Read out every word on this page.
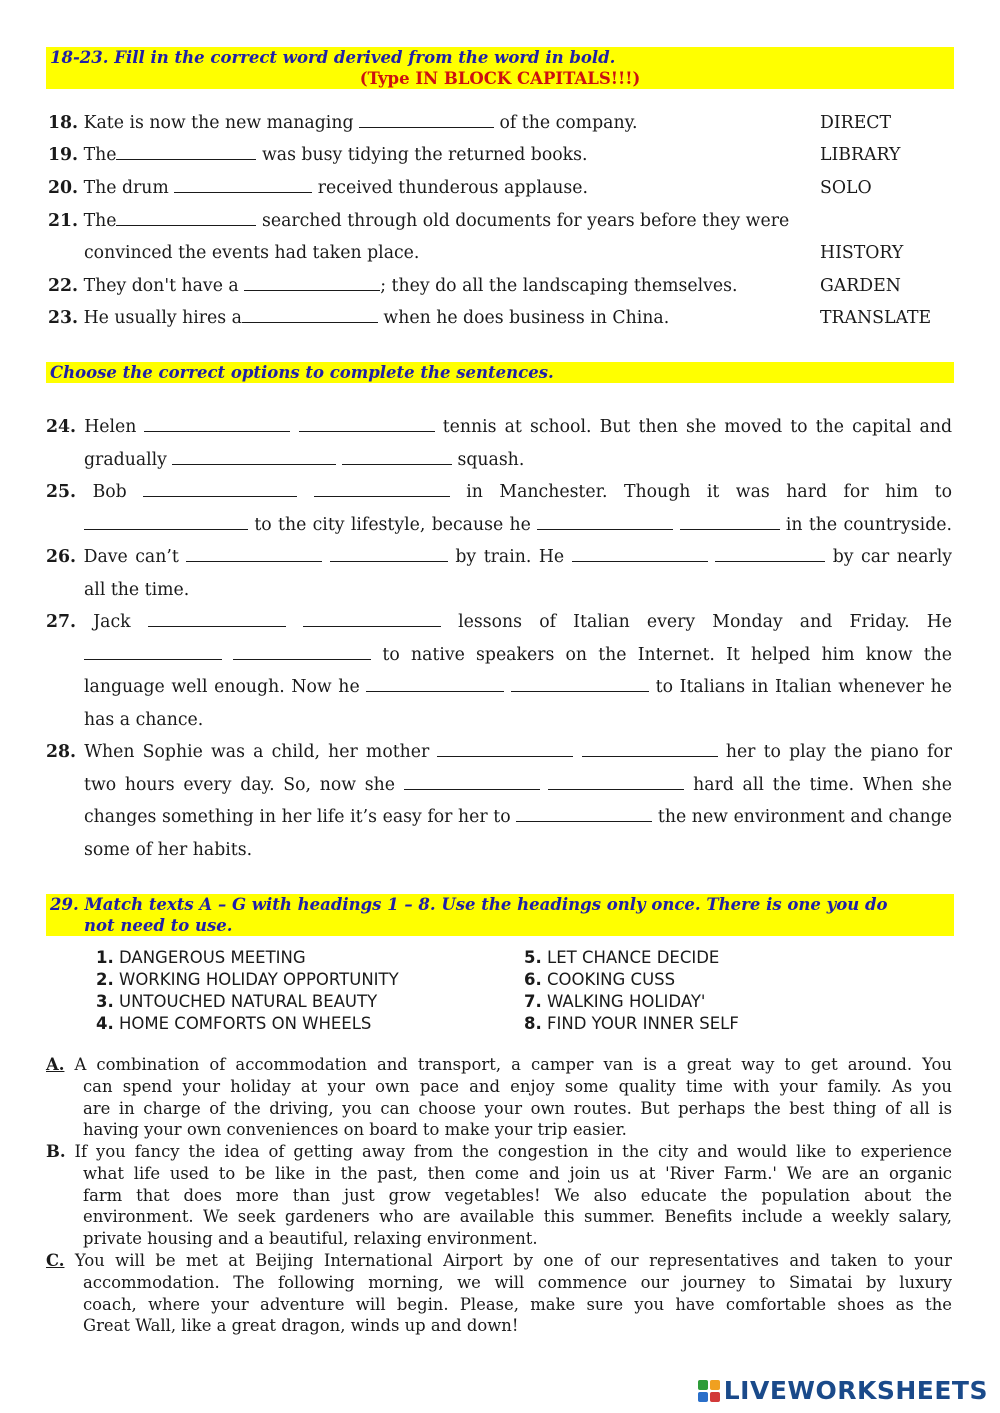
18-23. Fill in the correct word derived from the word in bold.
(Type IN BLOCK CAPITALS!!!)
18. Kate is now the new managing	of the company.	DIRECT
19. The	was busy tidying the returned books.	LIBRARY
20. The drum	received thunderous applause.	SOLO
21. The	searched through old documents for years before they were
convinced the events had taken place.	HISTORY
22. They don't have a	; they do all the landscaping themselves.	GARDEN
23. He usually hires a	when he does business in China.	TRANSLATE
Choose the correct options to complete the sentences.
24. Helen	tennis at school. But then she moved to the capital and
gradually	squash.
25. Bob	in Manchester. Though it was hard for him to
to the city lifestyle, because he	in the countryside.
26. Dave can’t	by train. He	by car nearly
all the time.
27. Jack	lessons of Italian every Monday and Friday. He
to native speakers on the Internet. It helped him know the
language well enough. Now he	to Italians in Italian whenever he
has a chance.
28. When Sophie was a child, her mother	her to play the piano for
two hours every day. So, now she	hard all the time. When she
changes something in her life it’s easy for her to	the new environment and change
some of her habits.
29. Match texts A – G with headings 1 – 8. Use the headings only once. There is one you do
not need to use.
1. DANGEROUS MEETING
2. WORKING HOLIDAY OPPORTUNITY
3. UNTOUCHED NATURAL BEAUTY
4. HOME COMFORTS ON WHEELS
5. LET CHANCE DECIDE
6. COOKING CUSS
7. WALKING HOLIDAY'
8. FIND YOUR INNER SELF
A. A combination of accommodation and transport, a camper van is a great way to get around. You
can spend your holiday at your own pace and enjoy some quality time with your family. As you
are in charge of the driving, you can choose your own routes. But perhaps the best thing of all is
having your own conveniences on board to make your trip easier.
B. If you fancy the idea of getting away from the congestion in the city and would like to experience
what life used to be like in the past, then come and join us at 'River Farm.' We are an organic
farm that does more than just grow vegetables! We also educate the population about the
environment. We seek gardeners who are available this summer. Benefits include a weekly salary,
private housing and a beautiful, relaxing environment.
C. You will be met at Beijing International Airport by one of our representatives and taken to your
accommodation. The following morning, we will commence our journey to Simatai by luxury
coach, where your adventure will begin. Please, make sure you have comfortable shoes as the
Great Wall, like a great dragon, winds up and down!
LIVEWORKSHEETS
